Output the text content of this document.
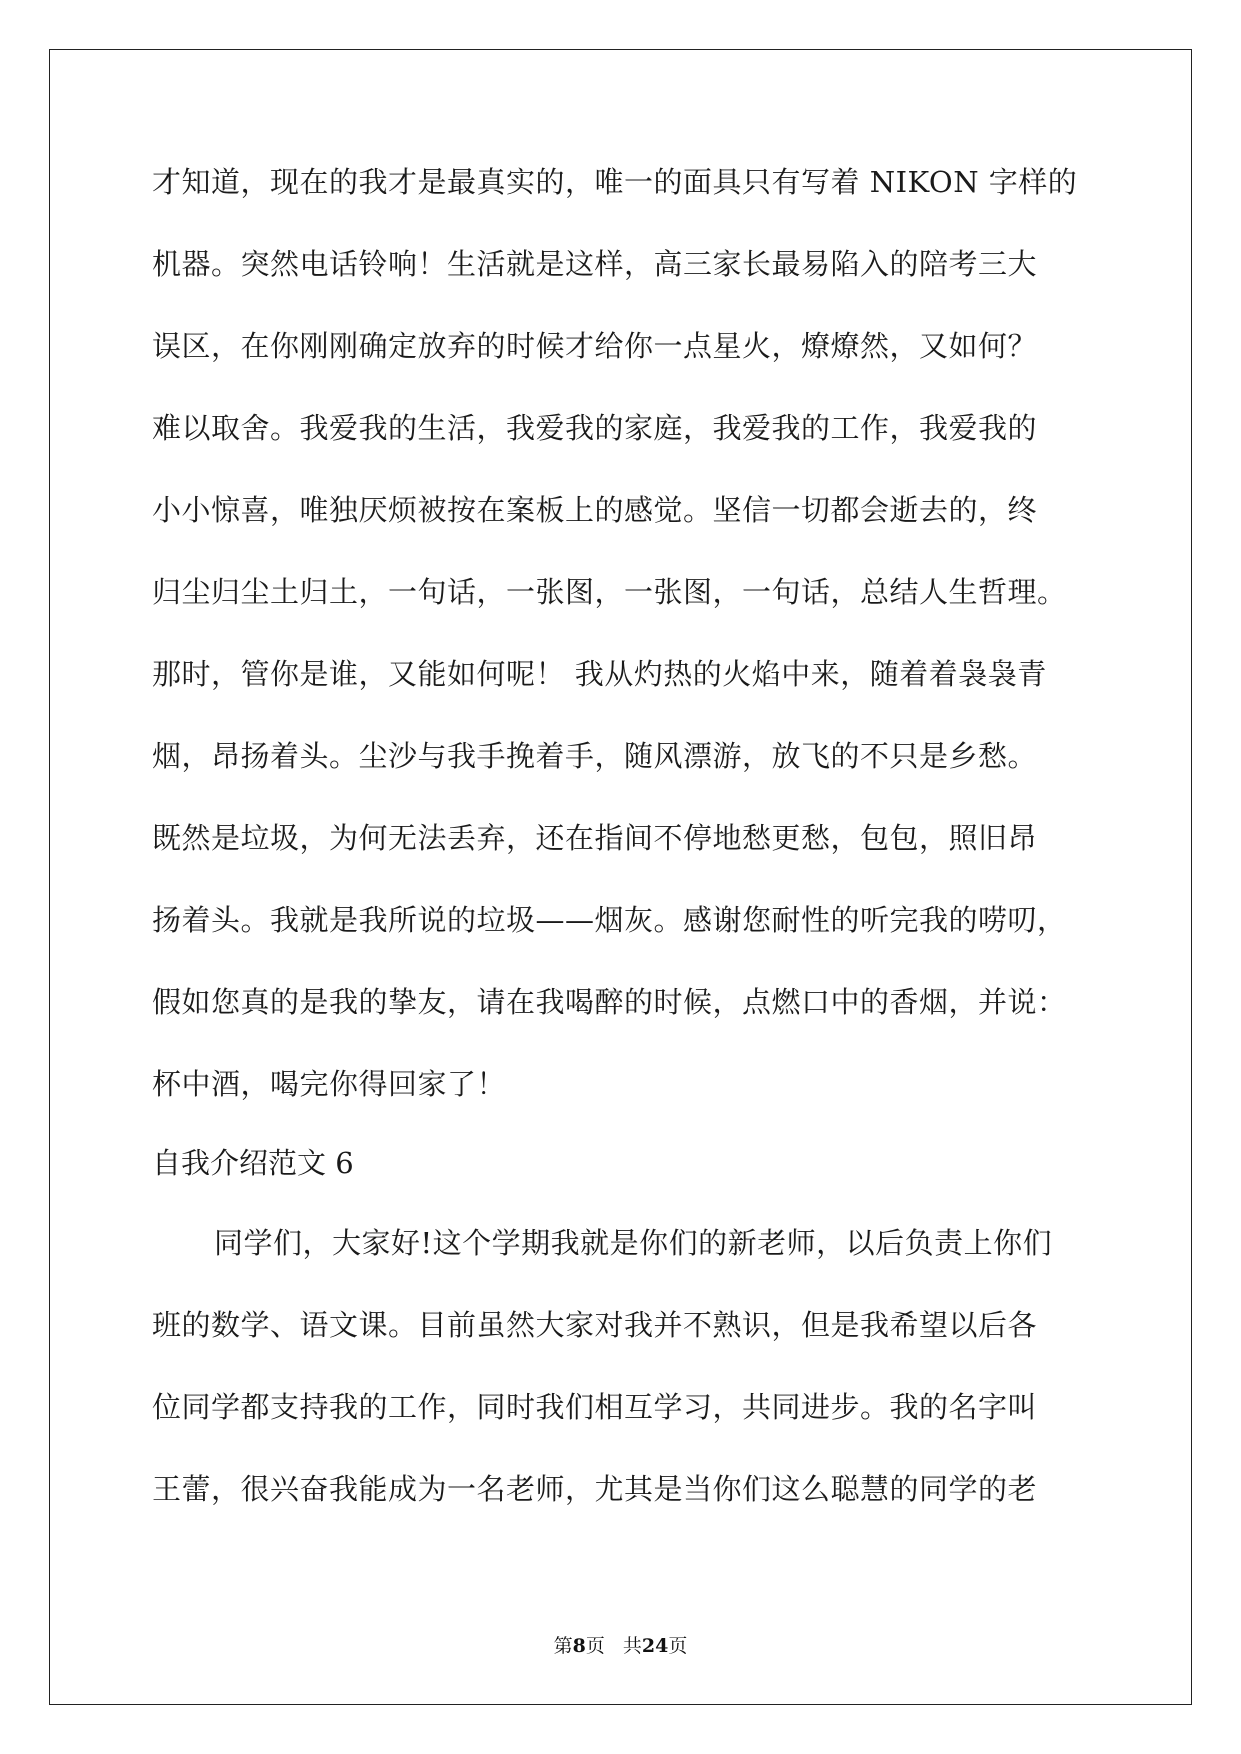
才知道，现在的我才是最真实的，唯一的面具只有写着 NIKON 字样的
机器。突然电话铃响！生活就是这样，高三家长最易陷入的陪考三大
误区，在你刚刚确定放弃的时候才给你一点星火，燎燎然，又如何？
难以取舍。我爱我的生活，我爱我的家庭，我爱我的工作，我爱我的
小小惊喜，唯独厌烦被按在案板上的感觉。坚信一切都会逝去的，终
归尘归尘土归土，一句话，一张图，一张图，一句话，总结人生哲理。
那时，管你是谁，又能如何呢！ 我从灼热的火焰中来，随着着袅袅青
烟，昂扬着头。尘沙与我手挽着手，随风漂游，放飞的不只是乡愁。
既然是垃圾，为何无法丢弃，还在指间不停地愁更愁，包包，照旧昂
扬着头。我就是我所说的垃圾——烟灰。感谢您耐性的听完我的唠叨，
假如您真的是我的挚友，请在我喝醉的时候，点燃口中的香烟，并说：
杯中酒，喝完你得回家了！
自我介绍范文 6
同学们，大家好!这个学期我就是你们的新老师，以后负责上你们
班的数学、语文课。目前虽然大家对我并不熟识，但是我希望以后各
位同学都支持我的工作，同时我们相互学习，共同进步。我的名字叫
王蕾，很兴奋我能成为一名老师，尤其是当你们这么聪慧的同学的老
第8页 共24页
